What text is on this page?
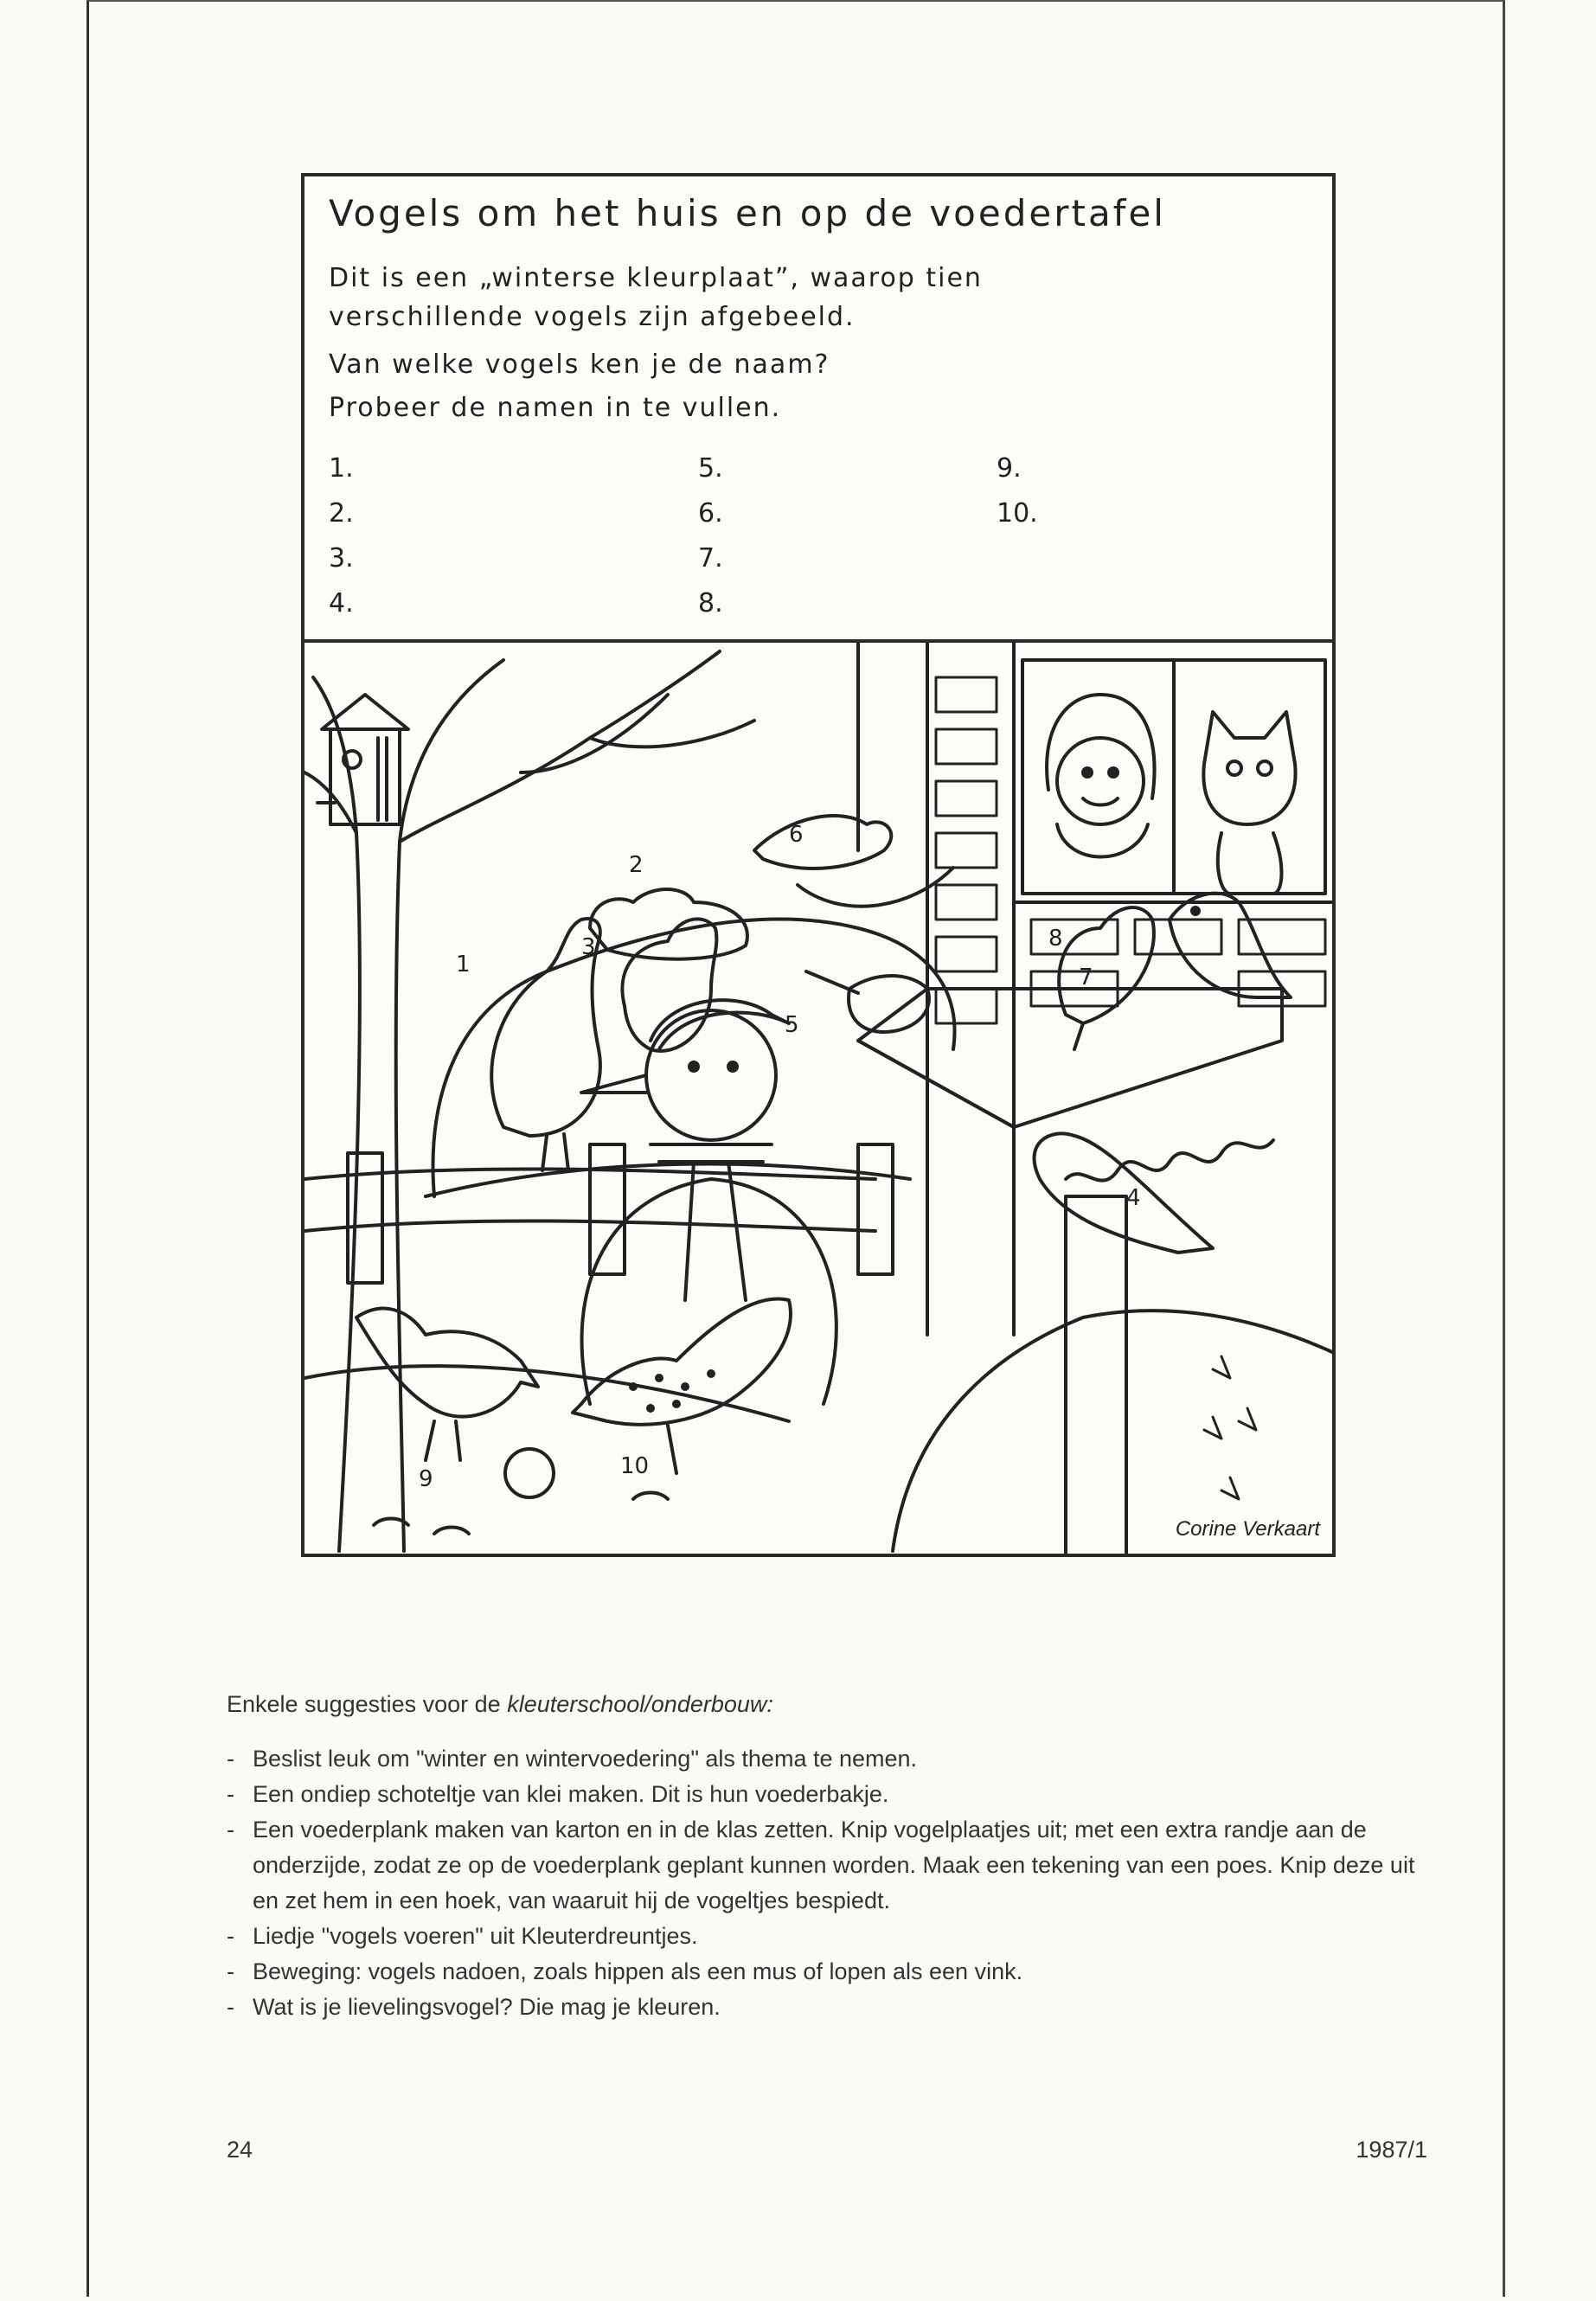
Vogels om het huis en op de voedertafel
Dit is een „winterse kleurplaat”, waarop tien
verschillende vogels zijn afgebeeld.
Van welke vogels ken je de naam?
Probeer de namen in te vullen.
1.
2.
3.
4.
5.
6.
7.
8.
9.
10.
1
2
7
5
6
8
9	10
3
4
Corine Verkaart

Enkele suggesties voor de kleuterschool/onderbouw:

- Beslist leuk om "winter en wintervoedering" als thema te nemen.
- Een ondiep schoteltje van klei maken. Dit is hun voederbakje.
- Een voederplank maken van karton en in de klas zetten. Knip vogelplaatjes uit; met een extra randje aan de onderzijde, zodat ze op de voederplank geplant kunnen worden. Maak een tekening van een poes. Knip deze uit en zet hem in een hoek, van waaruit hij de vogeltjes bespiedt.
- Liedje "vogels voeren" uit Kleuterdreuntjes.
- Beweging: vogels nadoen, zoals hippen als een mus of lopen als een vink.
- Wat is je lievelingsvogel? Die mag je kleuren.
24	1987/1
